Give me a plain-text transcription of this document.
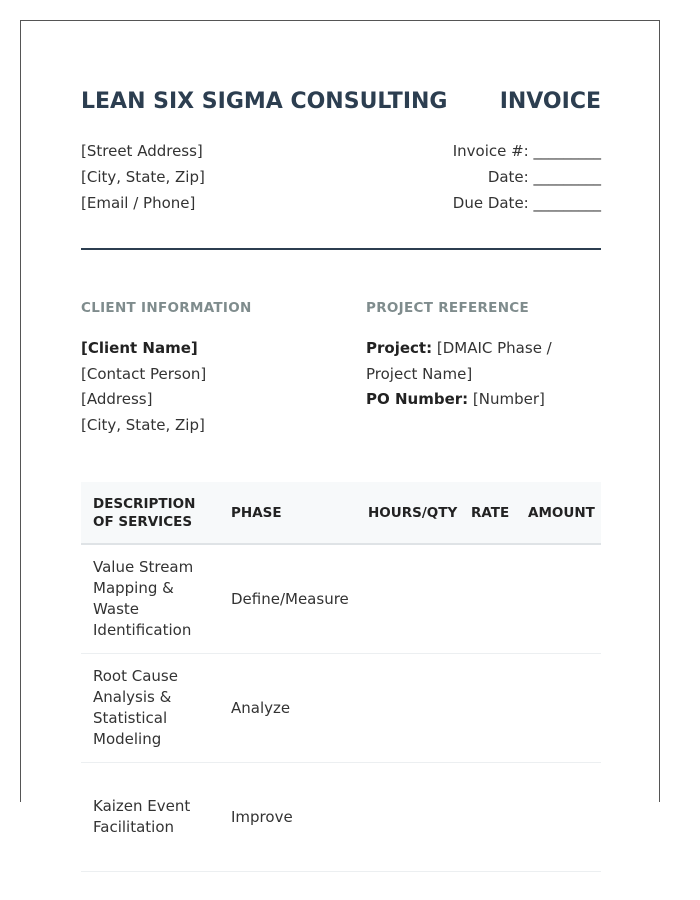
LEAN SIX SIGMA CONSULTING INVOICE
[Street Address]
[City, State, Zip]
[Email / Phone]
Invoice #: _________
Date: _________
Due Date: _________
CLIENT INFORMATION	PROJECT REFERENCE
[Client Name]
[Contact Person]
[Address]
[City, State, Zip]
Project: [DMAIC Phase / Project Name]
PO Number: [Number]
DESCRIPTION OF SERVICES	PHASE	HOURS/QTY	RATE	AMOUNT
Value Stream Mapping & Waste Identification	Define/Measure			
Root Cause Analysis & Statistical Modeling	Analyze			
Kaizen Event Facilitation	Improve			
